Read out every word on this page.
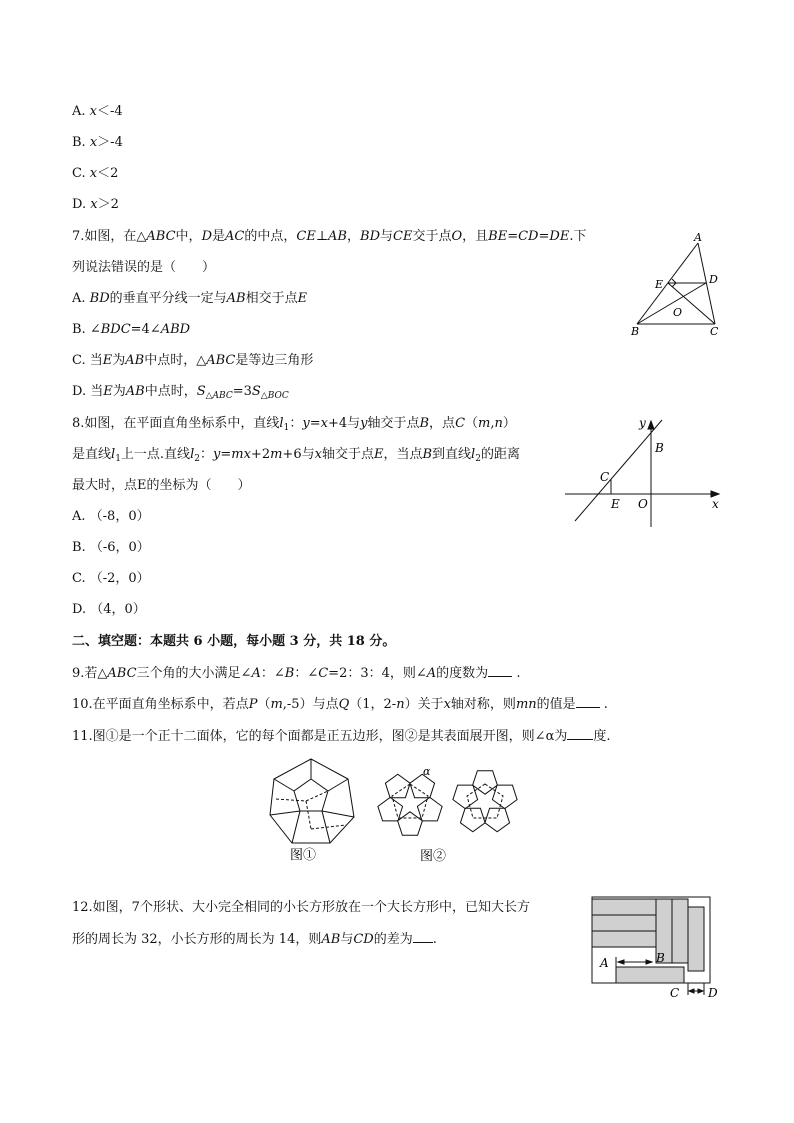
A. x＜-4
B. x＞-4
C. x＜2
D. x＞2
7.如图，在△ABC中，D是AC的中点，CE⊥AB，BD与CE交于点O，且BE=CD=DE.下
列说法错误的是（　　）
A. BD的垂直平分线一定与AB相交于点E
B. ∠BDC=4∠ABD
C. 当E为AB中点时，△ABC是等边三角形
D. 当E为AB中点时，$S_{\triangle ABC}=3S_{\triangle BOC}$
A
D
E
O
B	C
8.如图，在平面直角坐标系中，直线$l_1$：y=x+4与y轴交于点B，点C（m,n）
是直线$l_1$上一点.直线$l_2$：y=mx+2m+6与x轴交于点E，当点B到直线$l_2$的距离
最大时，点E的坐标为（　　）
A. （-8，0）
B. （-6，0）
C. （-2，0）
D. （4，0）
y
B
C
E O	x
二、填空题：本题共 6 小题，每小题 3 分，共 18 分。
9.若△ABC三个角的大小满足∠A：∠B：∠C=2：3：4，则∠A的度数为 .
10.在平面直角坐标系中，若点P（m,-5）与点Q（1，2-n）关于x轴对称，则mn的值是 .
11.图①是一个正十二面体，它的每个面都是正五边形，图②是其表面展开图，则∠α为 度.
图①
α
图②
12.如图，7个形状、大小完全相同的小长方形放在一个大长方形中，已知大长方
形的周长为 32，小长方形的周长为 14，则AB与CD的差为 .
A	B
C D
